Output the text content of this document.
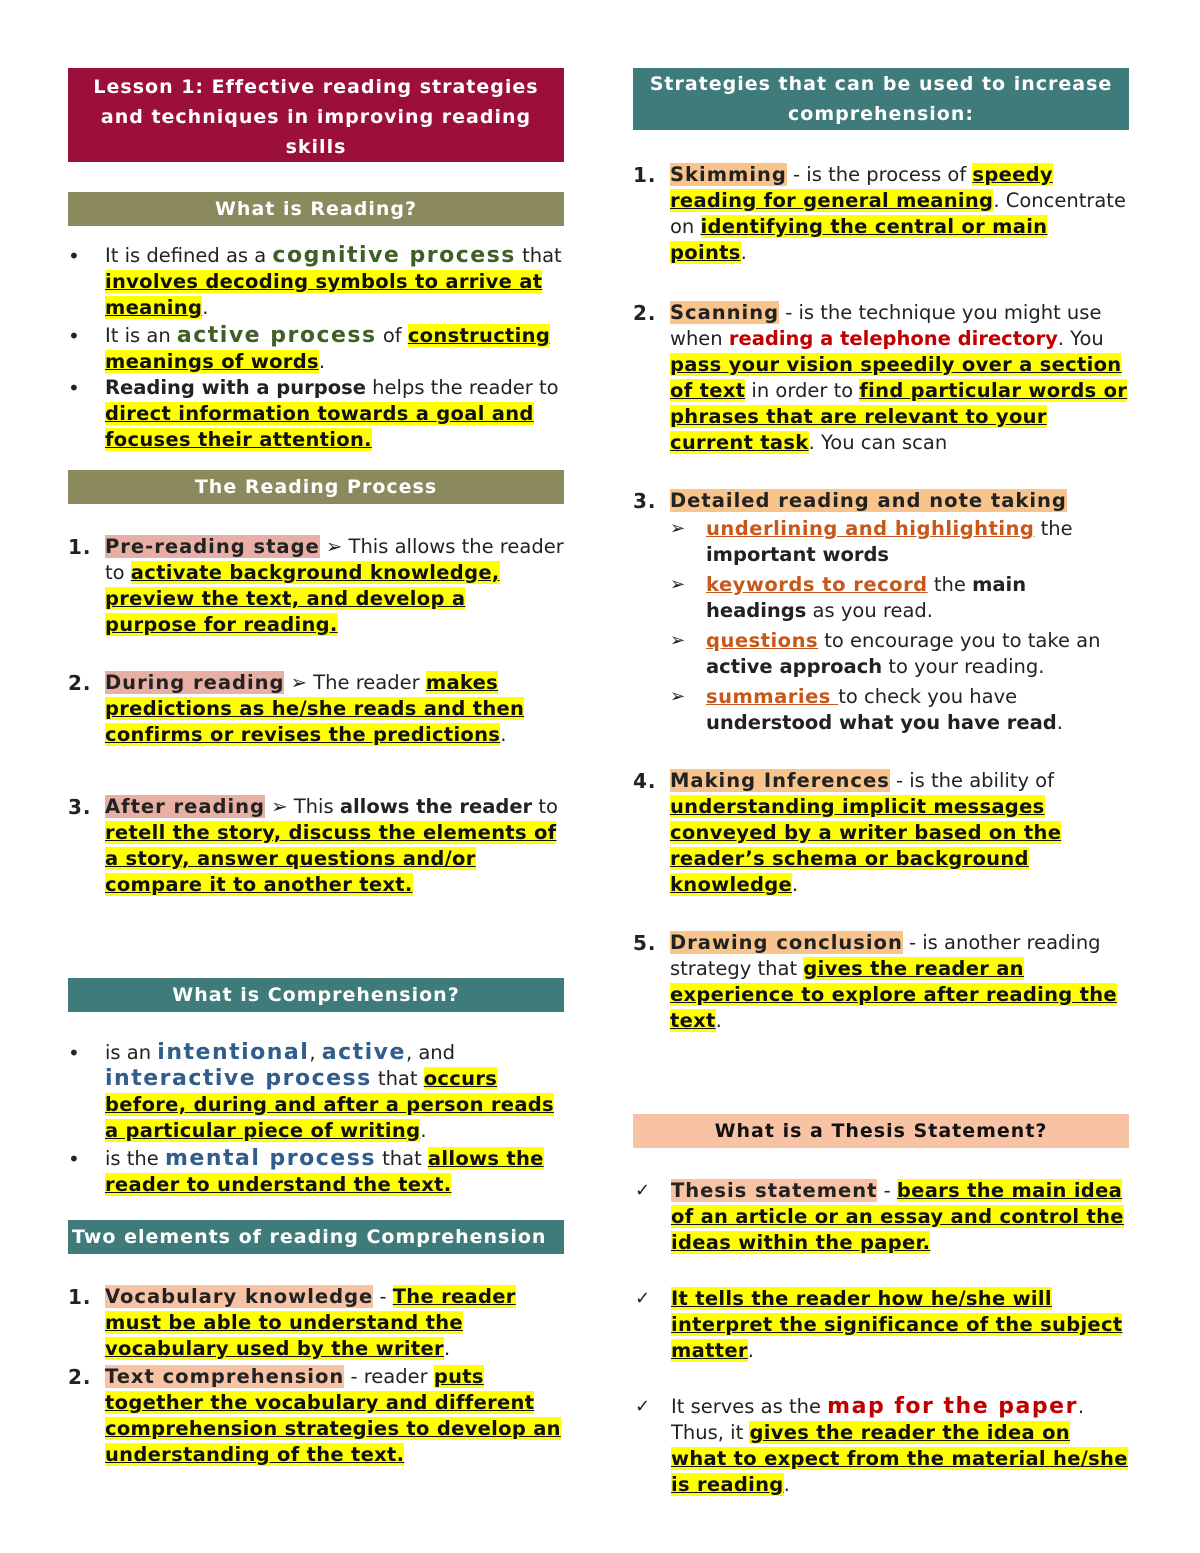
Lesson 1: Effective reading strategies and techniques in improving reading skills
What is Reading?
• It is defined as a cognitive process that involves decoding symbols to arrive at meaning.
• It is an active process of constructing meanings of words.
• Reading with a purpose helps the reader to direct information towards a goal and focuses their attention.
The Reading Process
1. Pre-reading stage ➢ This allows the reader to activate background knowledge, preview the text, and develop a purpose for reading.
2. During reading ➢ The reader makes predictions as he/she reads and then confirms or revises the predictions.
3. After reading ➢ This allows the reader to retell the story, discuss the elements of a story, answer questions and/or compare it to another text.
What is Comprehension?
• is an intentional, active, and
interactive process that occurs before, during and after a person reads a particular piece of writing.
• is the mental process that allows the reader to understand the text.
Two elements of reading Comprehension
1. Vocabulary knowledge - The reader must be able to understand the vocabulary used by the writer.
2. Text comprehension - reader puts together the vocabulary and different comprehension strategies to develop an understanding of the text.
Strategies that can be used to increase comprehension:
1. Skimming - is the process of speedy reading for general meaning. Concentrate on identifying the central or main points.
2. Scanning - is the technique you might use when reading a telephone directory. You pass your vision speedily over a section of text in order to find particular words or phrases that are relevant to your current task. You can scan
3. Detailed reading and note taking
➢ underlining and highlighting the important words
➢ keywords to record the main headings as you read.
➢ questions to encourage you to take an active approach to your reading.
➢ summaries to check you have understood what you have read.
4. Making Inferences - is the ability of understanding implicit messages conveyed by a writer based on the reader’s schema or background knowledge.
5. Drawing conclusion - is another reading strategy that gives the reader an experience to explore after reading the text.
What is a Thesis Statement?
✓ Thesis statement - bears the main idea of an article or an essay and control the ideas within the paper.
✓ It tells the reader how he/she will interpret the significance of the subject matter.
✓ It serves as the map for the paper. Thus, it gives the reader the idea on what to expect from the material he/she is reading.
